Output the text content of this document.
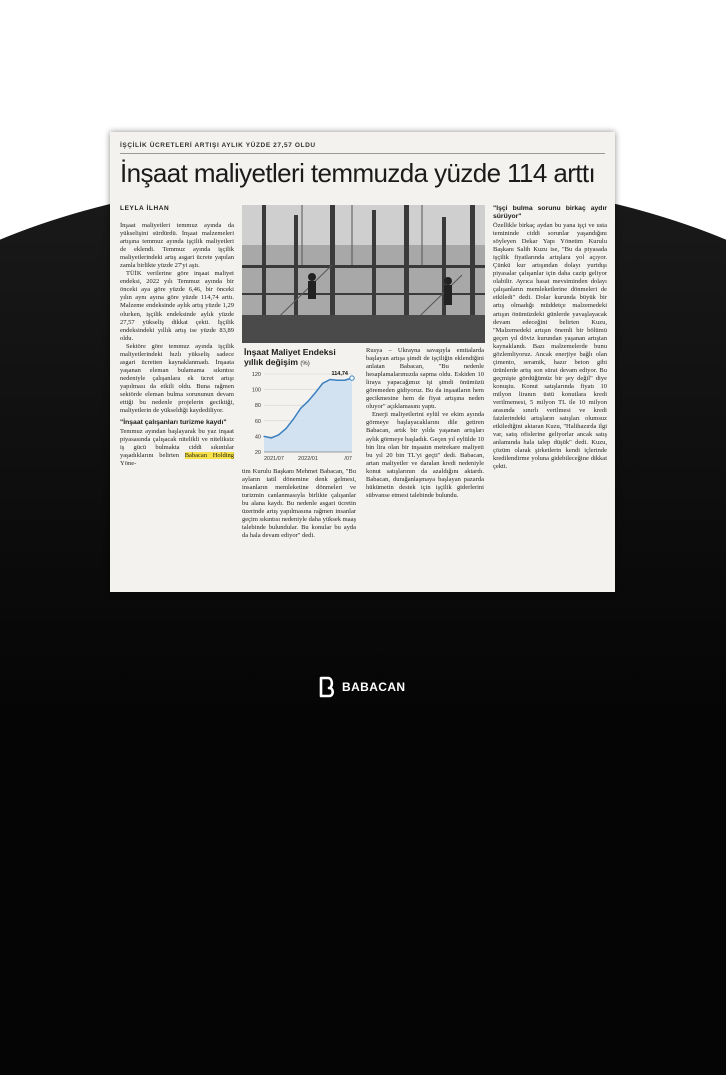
İŞÇİLİK ÜCRETLERİ ARTIŞI AYLIK YÜZDE 27,57 OLDU
İnşaat maliyetleri temmuzda yüzde 114 arttı
LEYLA İLHAN

İnşaat maliyetleri temmuz ayında da yükselişini sürdürdü. İnşaat malzemeleri artışına temmuz ayında işçilik maliyetleri de eklendi. Temmuz ayında işçilik maliyetlerindeki artış asgari ücrete yapılan zamla birlikte yüzde 27'yi aştı.

TÜİK verilerine göre inşaat maliyet endeksi, 2022 yılı Temmuz ayında bir önceki aya göre yüzde 6,46, bir önceki yılın aynı ayına göre yüzde 114,74 arttı. Malzeme endeksinde aylık artış yüzde 1,29 olurken, işçilik endeksinde aylık yüzde 27,57 yükseliş dikkat çekti. İşçilik endeksindeki yıllık artış ise yüzde 83,89 oldu.

Sektöre göre temmuz ayında işçilik maliyetlerindeki hızlı yükseliş sadece asgari ücretten kaynaklanmadı. İnşaata yaşanan eleman bulamama sıkıntısı nedeniyle çalışanlara ek ücret artışı yapılması da etkili oldu. Buna rağmen sektörde eleman bulma sorununun devam ettiği bu nedenle projelerin geciktiği, maliyetlerin de yükseldiği kaydediliyor.

"İnşaat çalışanları turizme kaydı"

Temmuz ayından başlayarak bu yaz inşaat piyasasında çalışacak nitelikli ve niteliksiz iş gücü bulmakta ciddi sıkıntılar yaşadıklarını belirten Babacan Holding Yöne-

İnşaat Maliyet Endeksi
yıllık değişim (%)
20
40
60
80
100
120	114,74
2021/07	2022/01	/07

tim Kurulu Başkanı Mehmet Babacan, "Bu ayların tatil dönemine denk gelmesi, insanların memleketine dönmeleri ve turizmin canlanmasıyla birlikte çalışanlar bu alana kaydı. Bu nedenle asgari ücretin üzerinde artış yapılmasına rağmen insanlar geçim sıkıntısı nedeniyle daha yüksek maaş talebinde bulundular. Bu konular bu ayda da hala devam ediyor" dedi.

Rusya – Ukrayna savaşıyla emtialarda başlayan artışa şimdi de işçiliğin eklendiğini anlatan Babacan, "Bu nedenle hesaplamalarımızda sapma oldu. Eskiden 10 liraya yapacağımız işi şimdi önümüzü göremeden gidiyoruz. Bu da inşaatların hem gecikmesine hem de fiyat artışına neden oluyor" açıklamasını yaptı.

Enerji maliyetlerini eylül ve ekim ayında görmeye başlayacaklarını dile getiren Babacan, artık bir yılda yaşanan artışları aylık görmeye başladık. Geçen yıl eylülde 10 bin lira olan bir inşaatın metrekare maliyeti bu yıl 20 bin TL'yi geçti" dedi. Babacan, artan maliyetler ve daralan kredi nedeniyle konut satışlarının da azaldığını aktardı. Babacan, durağanlaşmaya başlayan pazarda hükümetin destek için işçilik giderlerini sübvanse etmesi talebinde bulundu.

"İşçi bulma sorunu birkaç aydır sürüyor"

Özellikle birkaç aydan bu yana işçi ve usta temininde ciddi sorunlar yaşandığını söyleyen Dekar Yapı Yönetim Kurulu Başkanı Salih Kuzu ise, "Bu da piyasada işçilik fiyatlarında artışlara yol açıyor. Çünkü kur artışından dolayı yurtdışı piyasalar çalışanlar için daha cazip geliyor olabilir. Ayrıca hasat mevsiminden dolayı çalışanların memleketlerine dönmeleri de etkiledi" dedi. Dolar kurunda büyük bir artış olmadığı müddetçe malzemedeki artışın önümüzdeki günlerde yavaşlayacak devam edeceğini belirten Kuzu, "Malzemedeki artışın önemli bir bölümü geçen yıl döviz kurundan yaşanan artıştan kaynaklandı. Bazı malzemelerde bunu gözlemliyoruz. Ancak enerjiye bağlı olan çimento, seramik, hazır beton gibi ürünlerde artış son sürat devam ediyor. Bu geçmişte gördüğümüz bir şey değil" diye konuştu. Konut satışlarında fiyatı 10 milyon liranın üstü konutlara kredi verilmemesi, 5 milyon TL ile 10 milyon arasında sınırlı verilmesi ve kredi faizlerindeki artışların satışları olumsuz etkilediğini aktaran Kuzu, "Halihazırda ilgi var, satış ofislerine geliyorlar ancak satış anlamında hala talep düşük" dedi. Kuzu, çözüm olarak şirketlerin kendi içlerinde kredilendirme yoluna gidebileceğine dikkat çekti.

BABACAN
